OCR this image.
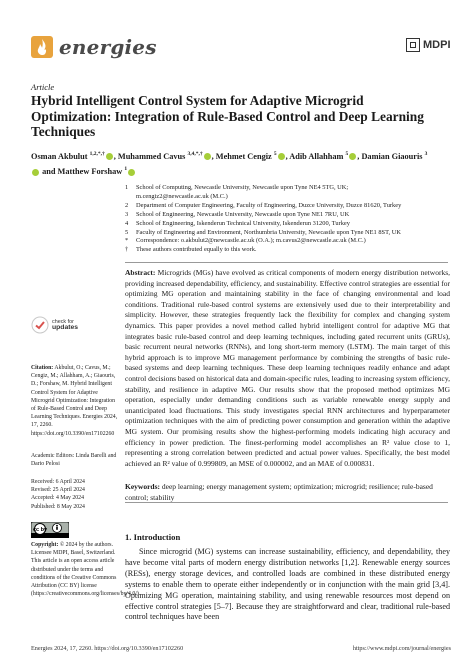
energies	MDPI
Article
Hybrid Intelligent Control System for Adaptive Microgrid Optimization: Integration of Rule-Based Control and Deep Learning Techniques
Osman Akbulut $^{1,2,*,\dagger}$ , Muhammed Cavus $^{3,4,*,\dagger}$ , Mehmet Cengiz $^5$ , Adib Allahham $^5$ , Damian Giaouris $^3$
and Matthew Forshaw $^1$
1	School of Computing, Newcastle University, Newcastle upon Tyne NE4 5TG, UK;
m.cengiz2@newcastle.ac.uk (M.C.)
2	Department of Computer Engineering, Faculty of Engineering, Duzce University, Duzce 81620, Turkey
3	School of Engineering, Newcastle University, Newcastle upon Tyne NE1 7RU, UK
4	School of Engineering, Iskenderun Technical University, Iskenderun 31200, Turkey
5	Faculty of Engineering and Environment, Northumbria University, Newcastle upon Tyne NE1 8ST, UK
*	Correspondence: o.akbulut2@newcastle.ac.uk (O.A.); m.cavus2@newcastle.ac.uk (M.C.)
†	These authors contributed equally to this work.
Abstract: Microgrids (MGs) have evolved as critical components of modern energy distribution networks, providing increased dependability, efficiency, and sustainability. Effective control strategies are essential for optimizing MG operation and maintaining stability in the face of changing environmental and load conditions. Traditional rule-based control systems are extensively used due to their interpretability and simplicity. However, these strategies frequently lack the flexibility for complex and changing system dynamics. This paper provides a novel method called hybrid intelligent control for adaptive MG that integrates basic rule-based control and deep learning techniques, including gated recurrent units (GRUs), basic recurrent neural networks (RNNs), and long short-term memory (LSTM). The main target of this hybrid approach is to improve MG management performance by combining the strengths of basic rule-based systems and deep learning techniques. These deep learning techniques readily enhance and adapt control decisions based on historical data and domain-specific rules, leading to increasing system efficiency, stability, and resilience in adaptive MG. Our results show that the proposed method optimizes MG operation, especially under demanding conditions such as variable renewable energy supply and unanticipated load fluctuations. This study investigates special RNN architectures and hyperparameter optimization techniques with the aim of predicting power consumption and generation within the adaptive MG system. Our promising results show the highest-performing models indicating high accuracy and efficiency in power prediction. The finest-performing model accomplishes an R² value close to 1, representing a strong correlation between predicted and actual power values. Specifically, the best model achieved an R² value of 0.999809, an MSE of 0.000002, and an MAE of 0.000831.
Keywords: deep learning; energy management system; optimization; microgrid; resilience; rule-based control; stability
check for
updates
Citation: Akbulut, O.; Cavus, M.; Cengiz, M.; Allahham, A.; Giaouris, D.; Forshaw, M. Hybrid Intelligent Control System for Adaptive Microgrid Optimization: Integration of Rule-Based Control and Deep Learning Techniques. Energies 2024, 17, 2260. https://doi.org/10.3390/en17102260
Academic Editors: Linda Barelli and Dario Pelosi
Received: 6 April 2024
Revised: 25 April 2024
Accepted: 4 May 2024
Published: 8 May 2024
cc by
Copyright: © 2024 by the authors. Licensee MDPI, Basel, Switzerland. This article is an open access article distributed under the terms and conditions of the Creative Commons Attribution (CC BY) license (https://creativecommons.org/licenses/by/4.0/).
1. Introduction
Since microgrid (MG) systems can increase sustainability, efficiency, and dependability, they have become vital parts of modern energy distribution networks [1,2]. Renewable energy sources (RESs), energy storage devices, and controlled loads are combined in these distributed energy systems to enable them to operate either independently or in conjunction with the main grid [3,4]. Optimizing MG operation, maintaining stability, and using renewable resources most depend on effective control strategies [5–7]. Because they are straightforward and clear, traditional rule-based control techniques have been
Energies 2024, 17, 2260. https://doi.org/10.3390/en17102260	https://www.mdpi.com/journal/energies
